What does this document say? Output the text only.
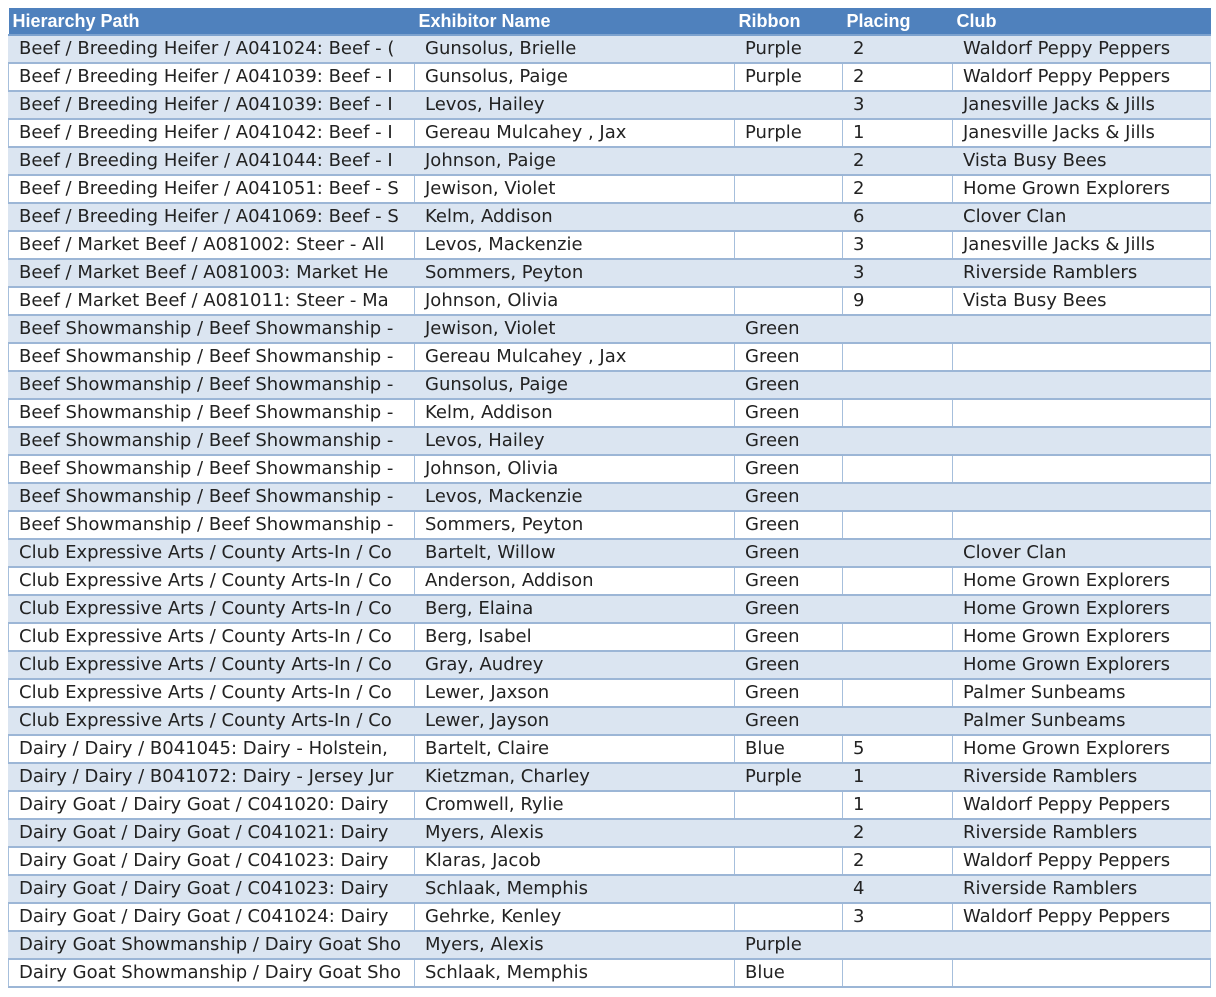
Hierarchy Path	Exhibitor Name	Ribbon	Placing	Club
Beef / Breeding Heifer / A041024: Beef - (	Gunsolus, Brielle	Purple	2	Waldorf Peppy Peppers
Beef / Breeding Heifer / A041039: Beef - I	Gunsolus, Paige	Purple	2	Waldorf Peppy Peppers
Beef / Breeding Heifer / A041039: Beef - I	Levos, Hailey		3	Janesville Jacks & Jills
Beef / Breeding Heifer / A041042: Beef - I	Gereau Mulcahey , Jax	Purple	1	Janesville Jacks & Jills
Beef / Breeding Heifer / A041044: Beef - I	Johnson, Paige		2	Vista Busy Bees
Beef / Breeding Heifer / A041051: Beef - S	Jewison, Violet		2	Home Grown Explorers
Beef / Breeding Heifer / A041069: Beef - S	Kelm, Addison		6	Clover Clan
Beef / Market Beef / A081002: Steer - All	Levos, Mackenzie		3	Janesville Jacks & Jills
Beef / Market Beef / A081003: Market He	Sommers, Peyton		3	Riverside Ramblers
Beef / Market Beef / A081011: Steer - Ma	Johnson, Olivia		9	Vista Busy Bees
Beef Showmanship / Beef Showmanship -	Jewison, Violet	Green		
Beef Showmanship / Beef Showmanship -	Gereau Mulcahey , Jax	Green		
Beef Showmanship / Beef Showmanship -	Gunsolus, Paige	Green		
Beef Showmanship / Beef Showmanship -	Kelm, Addison	Green		
Beef Showmanship / Beef Showmanship -	Levos, Hailey	Green		
Beef Showmanship / Beef Showmanship -	Johnson, Olivia	Green		
Beef Showmanship / Beef Showmanship -	Levos, Mackenzie	Green		
Beef Showmanship / Beef Showmanship -	Sommers, Peyton	Green		
Club Expressive Arts / County Arts-In / Co	Bartelt, Willow	Green		Clover Clan
Club Expressive Arts / County Arts-In / Co	Anderson, Addison	Green		Home Grown Explorers
Club Expressive Arts / County Arts-In / Co	Berg, Elaina	Green		Home Grown Explorers
Club Expressive Arts / County Arts-In / Co	Berg, Isabel	Green		Home Grown Explorers
Club Expressive Arts / County Arts-In / Co	Gray, Audrey	Green		Home Grown Explorers
Club Expressive Arts / County Arts-In / Co	Lewer, Jaxson	Green		Palmer Sunbeams
Club Expressive Arts / County Arts-In / Co	Lewer, Jayson	Green		Palmer Sunbeams
Dairy / Dairy / B041045: Dairy - Holstein,	Bartelt, Claire	Blue	5	Home Grown Explorers
Dairy / Dairy / B041072: Dairy - Jersey Jur	Kietzman, Charley	Purple	1	Riverside Ramblers
Dairy Goat / Dairy Goat / C041020: Dairy	Cromwell, Rylie		1	Waldorf Peppy Peppers
Dairy Goat / Dairy Goat / C041021: Dairy	Myers, Alexis		2	Riverside Ramblers
Dairy Goat / Dairy Goat / C041023: Dairy	Klaras, Jacob		2	Waldorf Peppy Peppers
Dairy Goat / Dairy Goat / C041023: Dairy	Schlaak, Memphis		4	Riverside Ramblers
Dairy Goat / Dairy Goat / C041024: Dairy	Gehrke, Kenley		3	Waldorf Peppy Peppers
Dairy Goat Showmanship / Dairy Goat Sho	Myers, Alexis	Purple		
Dairy Goat Showmanship / Dairy Goat Sho	Schlaak, Memphis	Blue		
